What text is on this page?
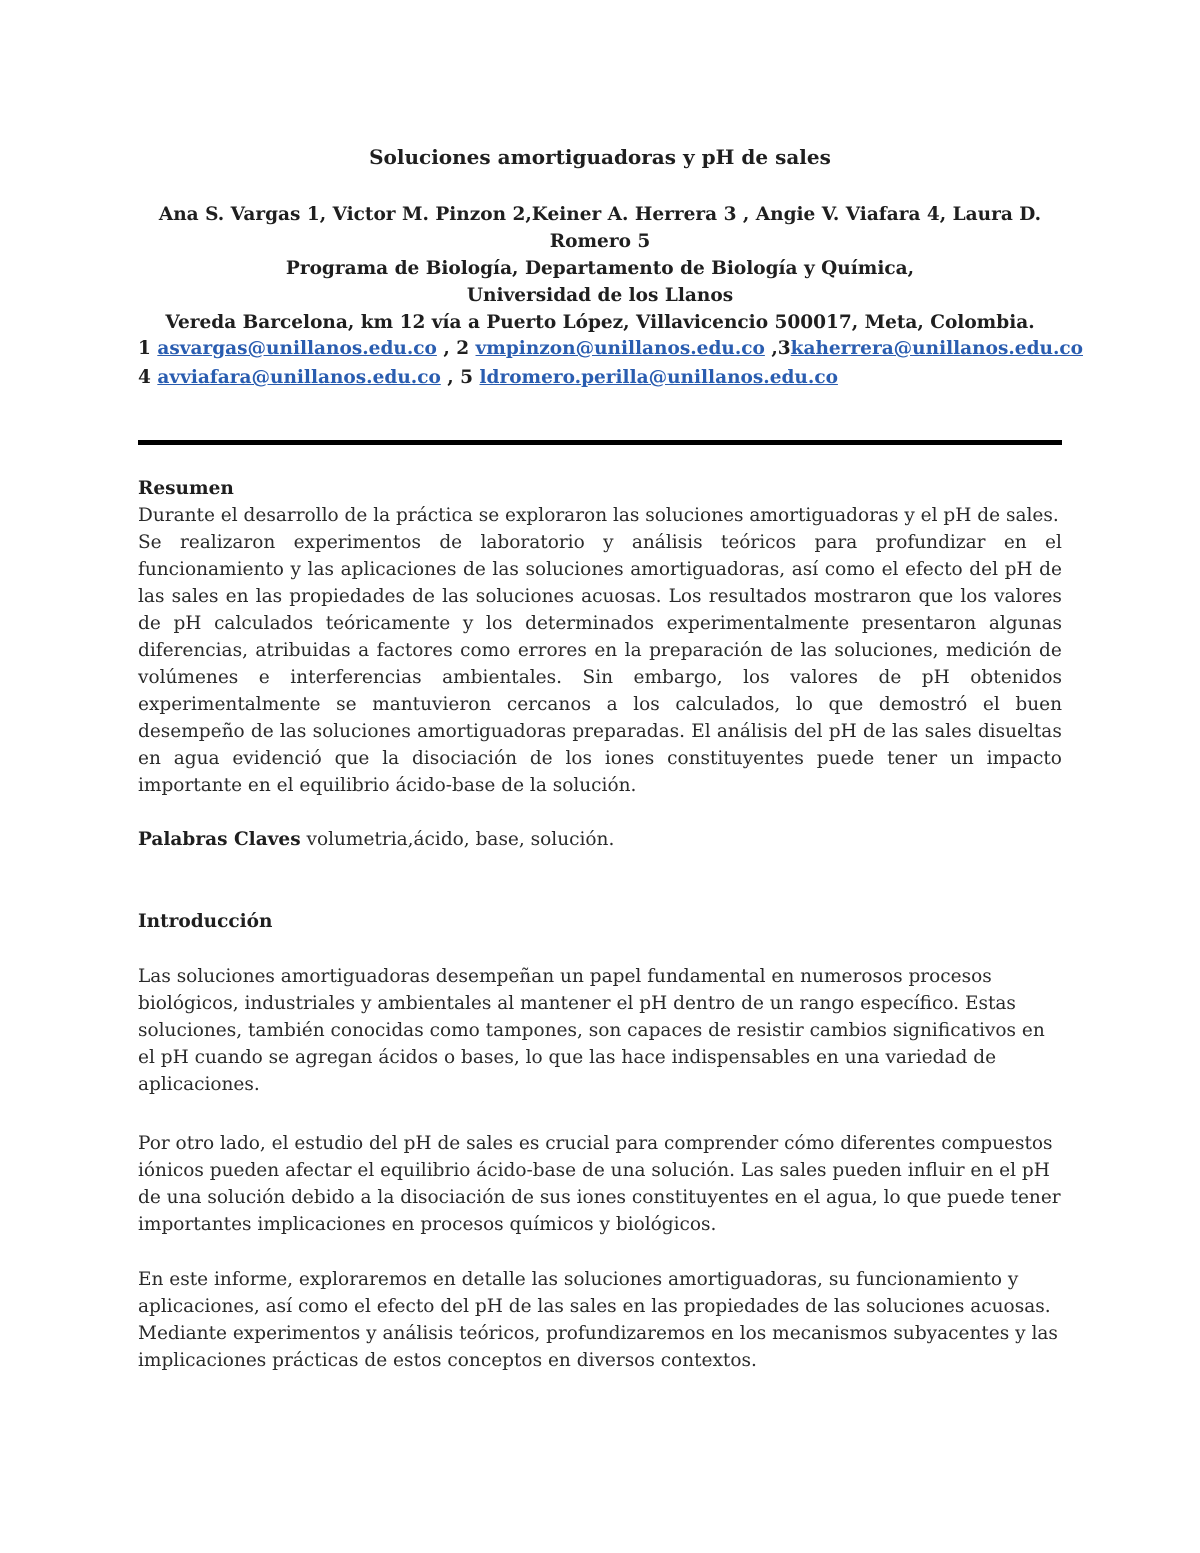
Soluciones amortiguadoras y pH de sales
Ana S. Vargas 1, Victor M. Pinzon 2,Keiner A. Herrera 3 , Angie V. Viafara 4, Laura D.
Romero 5
Programa de Biología, Departamento de Biología y Química,
Universidad de los Llanos
Vereda Barcelona, km 12 vía a Puerto López, Villavicencio 500017, Meta, Colombia.
1 asvargas@unillanos.edu.co , 2 vmpinzon@unillanos.edu.co ,3kaherrera@unillanos.edu.co
4 avviafara@unillanos.edu.co , 5 ldromero.perilla@unillanos.edu.co
Resumen
Durante el desarrollo de la práctica se exploraron las soluciones amortiguadoras y el pH de sales.
Se realizaron experimentos de laboratorio y análisis teóricos para profundizar en el
funcionamiento y las aplicaciones de las soluciones amortiguadoras, así como el efecto del pH de
las sales en las propiedades de las soluciones acuosas. Los resultados mostraron que los valores
de pH calculados teóricamente y los determinados experimentalmente presentaron algunas
diferencias, atribuidas a factores como errores en la preparación de las soluciones, medición de
volúmenes e interferencias ambientales. Sin embargo, los valores de pH obtenidos
experimentalmente se mantuvieron cercanos a los calculados, lo que demostró el buen
desempeño de las soluciones amortiguadoras preparadas. El análisis del pH de las sales disueltas
en agua evidenció que la disociación de los iones constituyentes puede tener un impacto
importante en el equilibrio ácido-base de la solución.
Palabras Claves volumetria,ácido, base, solución.
Introducción
Las soluciones amortiguadoras desempeñan un papel fundamental en numerosos procesos
biológicos, industriales y ambientales al mantener el pH dentro de un rango específico. Estas
soluciones, también conocidas como tampones, son capaces de resistir cambios significativos en
el pH cuando se agregan ácidos o bases, lo que las hace indispensables en una variedad de
aplicaciones.
Por otro lado, el estudio del pH de sales es crucial para comprender cómo diferentes compuestos
iónicos pueden afectar el equilibrio ácido-base de una solución. Las sales pueden influir en el pH
de una solución debido a la disociación de sus iones constituyentes en el agua, lo que puede tener
importantes implicaciones en procesos químicos y biológicos.
En este informe, exploraremos en detalle las soluciones amortiguadoras, su funcionamiento y
aplicaciones, así como el efecto del pH de las sales en las propiedades de las soluciones acuosas.
Mediante experimentos y análisis teóricos, profundizaremos en los mecanismos subyacentes y las
implicaciones prácticas de estos conceptos en diversos contextos.
